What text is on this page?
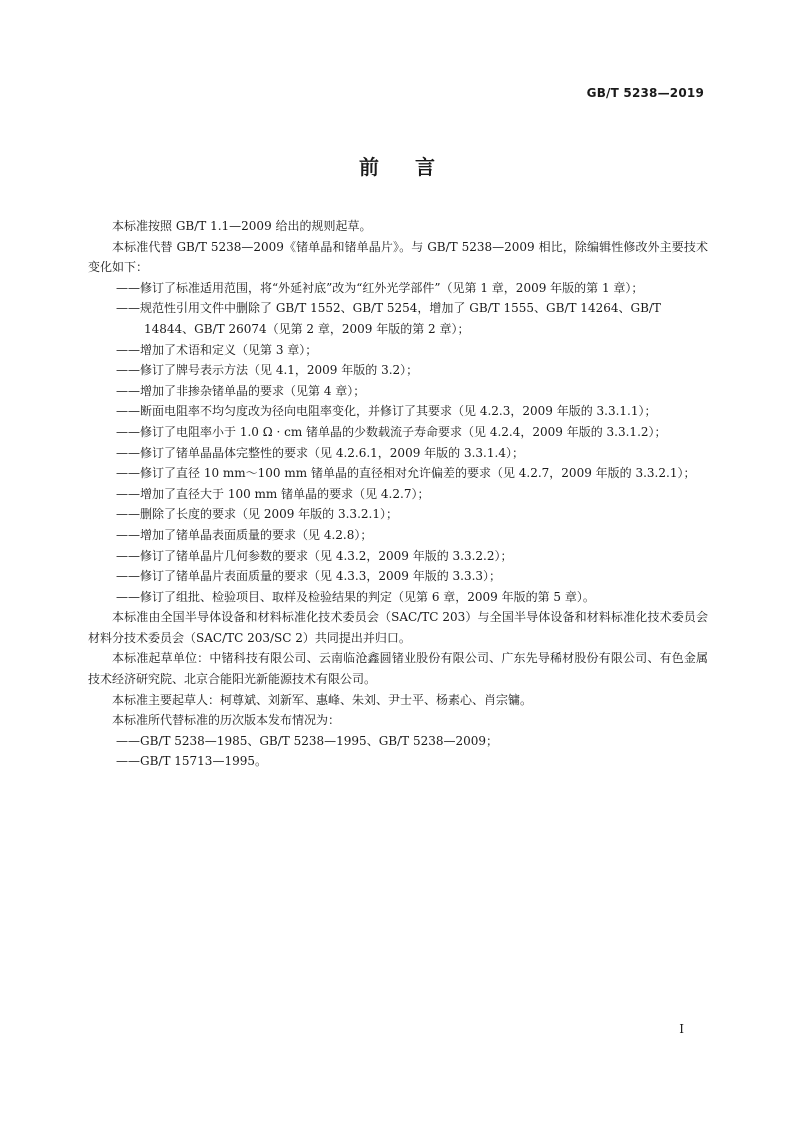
GB/T 5238—2019
前言

本标准按照 GB/T 1.1—2009 给出的规则起草。

本标准代替 GB/T 5238—2009《锗单晶和锗单晶片》。与 GB/T 5238—2009 相比，除编辑性修改外主要技术变化如下：

——修订了标准适用范围，将“外延衬底”改为“红外光学部件”（见第 1 章，2009 年版的第 1 章）；

——规范性引用文件中删除了 GB/T 1552、GB/T 5254，增加了 GB/T 1555、GB/T 14264、GB/T 14844、GB/T 26074（见第 2 章，2009 年版的第 2 章）；

——增加了术语和定义（见第 3 章）；

——修订了牌号表示方法（见 4.1，2009 年版的 3.2）；

——增加了非掺杂锗单晶的要求（见第 4 章）；

——断面电阻率不均匀度改为径向电阻率变化，并修订了其要求（见 4.2.3，2009 年版的 3.3.1.1）；

——修订了电阻率小于 1.0 Ω · cm 锗单晶的少数载流子寿命要求（见 4.2.4，2009 年版的 3.3.1.2）；

——修订了锗单晶晶体完整性的要求（见 4.2.6.1，2009 年版的 3.3.1.4）；

——修订了直径 10 mm～100 mm 锗单晶的直径相对允许偏差的要求（见 4.2.7，2009 年版的 3.3.2.1）；

——增加了直径大于 100 mm 锗单晶的要求（见 4.2.7）；

——删除了长度的要求（见 2009 年版的 3.3.2.1）；

——增加了锗单晶表面质量的要求（见 4.2.8）；

——修订了锗单晶片几何参数的要求（见 4.3.2，2009 年版的 3.3.2.2）；

——修订了锗单晶片表面质量的要求（见 4.3.3，2009 年版的 3.3.3）；

——修订了组批、检验项目、取样及检验结果的判定（见第 6 章，2009 年版的第 5 章）。

本标准由全国半导体设备和材料标准化技术委员会（SAC/TC 203）与全国半导体设备和材料标准化技术委员会材料分技术委员会（SAC/TC 203/SC 2）共同提出并归口。

本标准起草单位：中锗科技有限公司、云南临沧鑫圆锗业股份有限公司、广东先导稀材股份有限公司、有色金属技术经济研究院、北京合能阳光新能源技术有限公司。

本标准主要起草人：柯尊斌、刘新军、惠峰、朱刘、尹士平、杨素心、肖宗镛。

本标准所代替标准的历次版本发布情况为：

——GB/T 5238—1985、GB/T 5238—1995、GB/T 5238—2009；

——GB/T 15713—1995。

I
